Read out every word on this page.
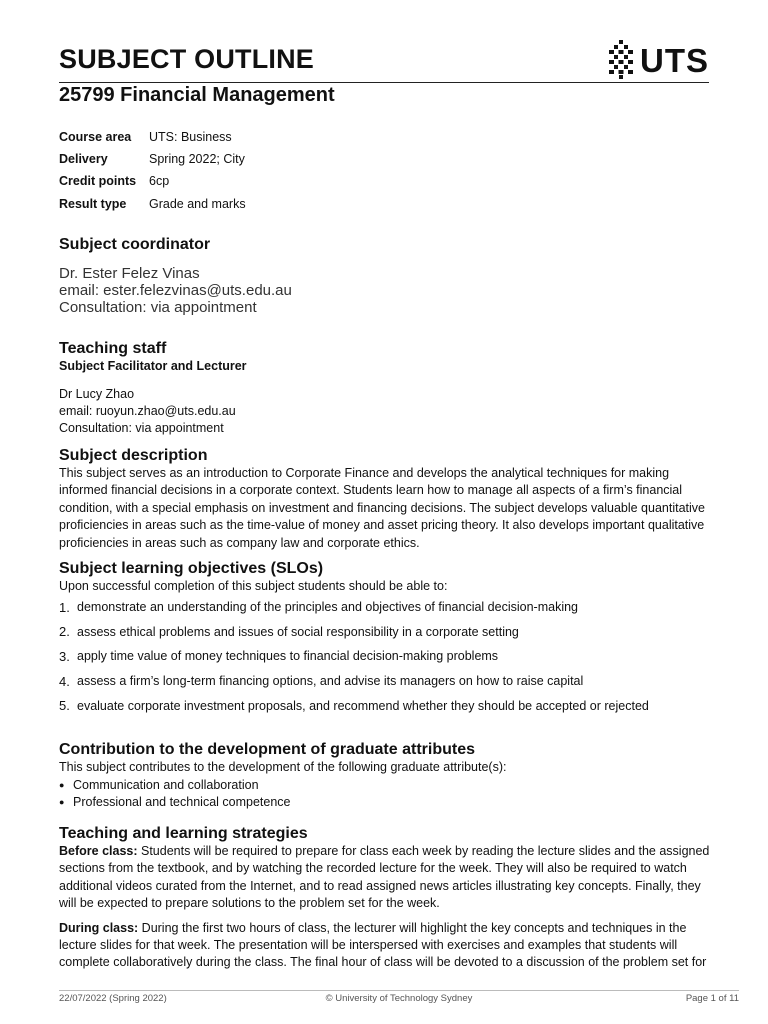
SUBJECT OUTLINE	UTS
25799 Financial Management
Course area	UTS: Business
Delivery	Spring 2022; City
Credit points	6cp
Result type	Grade and marks
Subject coordinator
Dr. Ester Felez Vinas
email: ester.felezvinas@uts.edu.au
Consultation: via appointment
Teaching staff
Subject Facilitator and Lecturer
Dr Lucy Zhao
email: ruoyun.zhao@uts.edu.au
Consultation: via appointment
Subject description
This subject serves as an introduction to Corporate Finance and develops the analytical techniques for making
informed financial decisions in a corporate context. Students learn how to manage all aspects of a firm’s financial
condition, with a special emphasis on investment and financing decisions. The subject develops valuable quantitative
proficiencies in areas such as the time-value of money and asset pricing theory. It also develops important qualitative
proficiencies in areas such as company law and corporate ethics.
Subject learning objectives (SLOs)
Upon successful completion of this subject students should be able to:
1. demonstrate an understanding of the principles and objectives of financial decision-making
2. assess ethical problems and issues of social responsibility in a corporate setting
3. apply time value of money techniques to financial decision-making problems
4. assess a firm’s long-term financing options, and advise its managers on how to raise capital
5. evaluate corporate investment proposals, and recommend whether they should be accepted or rejected
Contribution to the development of graduate attributes
This subject contributes to the development of the following graduate attribute(s):
● Communication and collaboration
● Professional and technical competence
Teaching and learning strategies
Before class: Students will be required to prepare for class each week by reading the lecture slides and the assigned
sections from the textbook, and by watching the recorded lecture for the week. They will also be required to watch
additional videos curated from the Internet, and to read assigned news articles illustrating key concepts. Finally, they
will be expected to prepare solutions to the problem set for the week.
During class: During the first two hours of class, the lecturer will highlight the key concepts and techniques in the
lecture slides for that week. The presentation will be interspersed with exercises and examples that students will
complete collaboratively during the class. The final hour of class will be devoted to a discussion of the problem set for
22/07/2022 (Spring 2022)	© University of Technology Sydney	Page 1 of 11
